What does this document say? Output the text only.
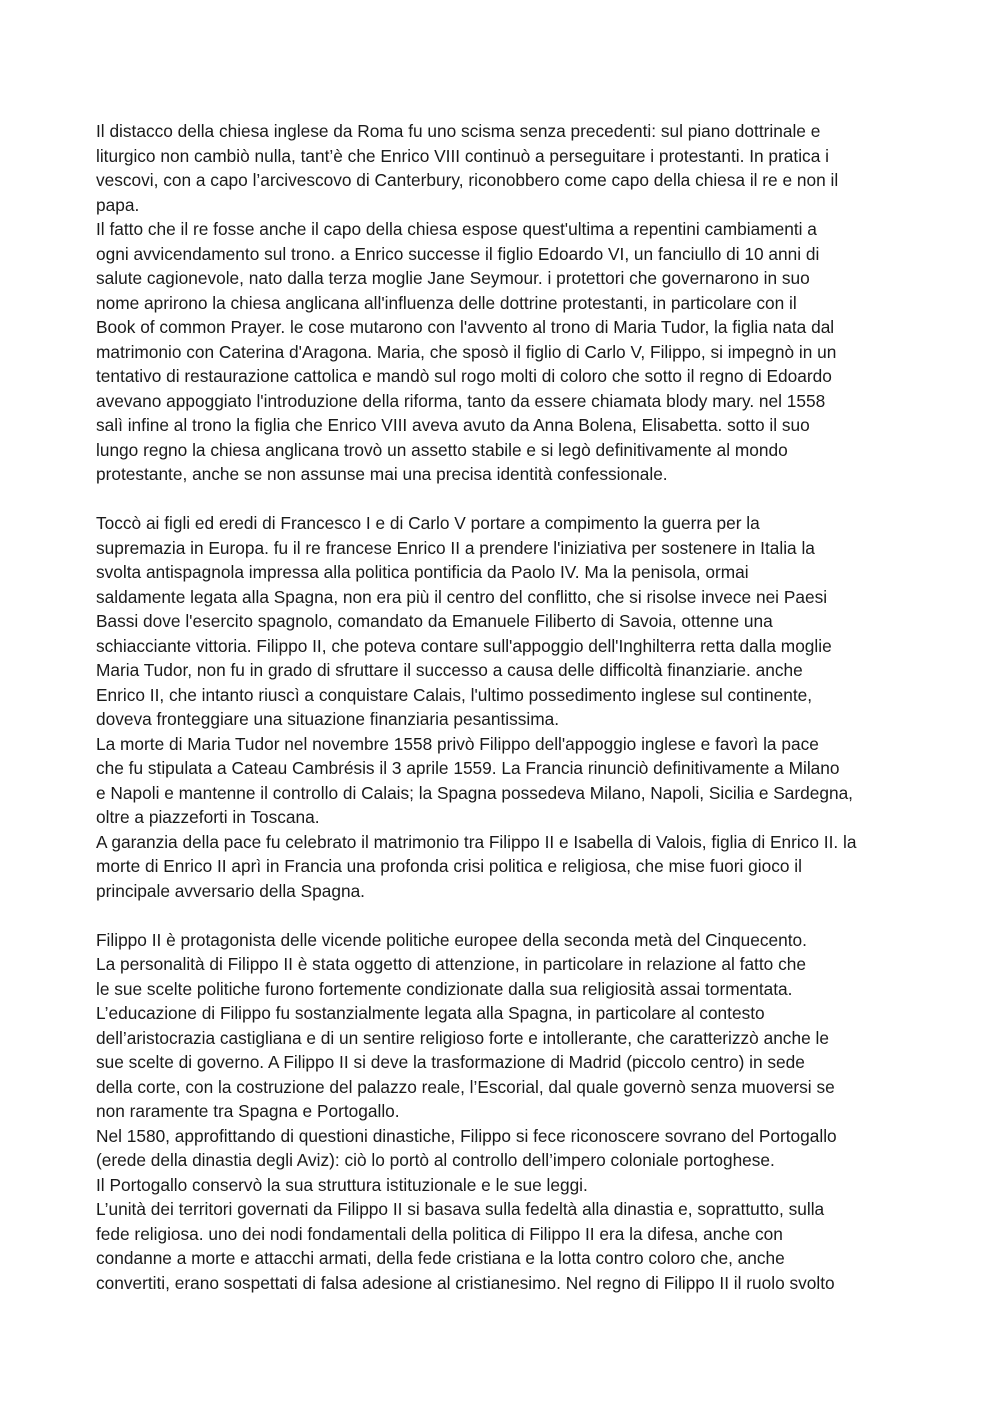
Il distacco della chiesa inglese da Roma fu uno scisma senza precedenti: sul piano dottrinale e
liturgico non cambiò nulla, tant’è che Enrico VIII continuò a perseguitare i protestanti. In pratica i
vescovi, con a capo l’arcivescovo di Canterbury, riconobbero come capo della chiesa il re e non il
papa.
Il fatto che il re fosse anche il capo della chiesa espose quest'ultima a repentini cambiamenti a
ogni avvicendamento sul trono. a Enrico successe il figlio Edoardo VI, un fanciullo di 10 anni di
salute cagionevole, nato dalla terza moglie Jane Seymour. i protettori che governarono in suo
nome aprirono la chiesa anglicana all'influenza delle dottrine protestanti, in particolare con il
Book of common Prayer. le cose mutarono con l'avvento al trono di Maria Tudor, la figlia nata dal
matrimonio con Caterina d'Aragona. Maria, che sposò il figlio di Carlo V, Filippo, si impegnò in un
tentativo di restaurazione cattolica e mandò sul rogo molti di coloro che sotto il regno di Edoardo
avevano appoggiato l'introduzione della riforma, tanto da essere chiamata blody mary. nel 1558
salì infine al trono la figlia che Enrico VIII aveva avuto da Anna Bolena, Elisabetta. sotto il suo
lungo regno la chiesa anglicana trovò un assetto stabile e si legò definitivamente al mondo
protestante, anche se non assunse mai una precisa identità confessionale.
Toccò ai figli ed eredi di Francesco I e di Carlo V portare a compimento la guerra per la
supremazia in Europa. fu il re francese Enrico II a prendere l'iniziativa per sostenere in Italia la
svolta antispagnola impressa alla politica pontificia da Paolo IV. Ma la penisola, ormai
saldamente legata alla Spagna, non era più il centro del conflitto, che si risolse invece nei Paesi
Bassi dove l'esercito spagnolo, comandato da Emanuele Filiberto di Savoia, ottenne una
schiacciante vittoria. Filippo II, che poteva contare sull'appoggio dell'Inghilterra retta dalla moglie
Maria Tudor, non fu in grado di sfruttare il successo a causa delle difficoltà finanziarie. anche
Enrico II, che intanto riuscì a conquistare Calais, l'ultimo possedimento inglese sul continente,
doveva fronteggiare una situazione finanziaria pesantissima.
La morte di Maria Tudor nel novembre 1558 privò Filippo dell'appoggio inglese e favorì la pace
che fu stipulata a Cateau Cambrésis il 3 aprile 1559. La Francia rinunciò definitivamente a Milano
e Napoli e mantenne il controllo di Calais; la Spagna possedeva Milano, Napoli, Sicilia e Sardegna,
oltre a piazzeforti in Toscana.
A garanzia della pace fu celebrato il matrimonio tra Filippo II e Isabella di Valois, figlia di Enrico II. la
morte di Enrico II aprì in Francia una profonda crisi politica e religiosa, che mise fuori gioco il
principale avversario della Spagna.
Filippo II è protagonista delle vicende politiche europee della seconda metà del Cinquecento.
La personalità di Filippo II è stata oggetto di attenzione, in particolare in relazione al fatto che
le sue scelte politiche furono fortemente condizionate dalla sua religiosità assai tormentata.
L’educazione di Filippo fu sostanzialmente legata alla Spagna, in particolare al contesto
dell’aristocrazia castigliana e di un sentire religioso forte e intollerante, che caratterizzò anche le
sue scelte di governo. A Filippo II si deve la trasformazione di Madrid (piccolo centro) in sede
della corte, con la costruzione del palazzo reale, l’Escorial, dal quale governò senza muoversi se
non raramente tra Spagna e Portogallo.
Nel 1580, approfittando di questioni dinastiche, Filippo si fece riconoscere sovrano del Portogallo
(erede della dinastia degli Aviz): ciò lo portò al controllo dell’impero coloniale portoghese.
Il Portogallo conservò la sua struttura istituzionale e le sue leggi.
L’unità dei territori governati da Filippo II si basava sulla fedeltà alla dinastia e, soprattutto, sulla
fede religiosa. uno dei nodi fondamentali della politica di Filippo II era la difesa, anche con
condanne a morte e attacchi armati, della fede cristiana e la lotta contro coloro che, anche
convertiti, erano sospettati di falsa adesione al cristianesimo. Nel regno di Filippo II il ruolo svolto
